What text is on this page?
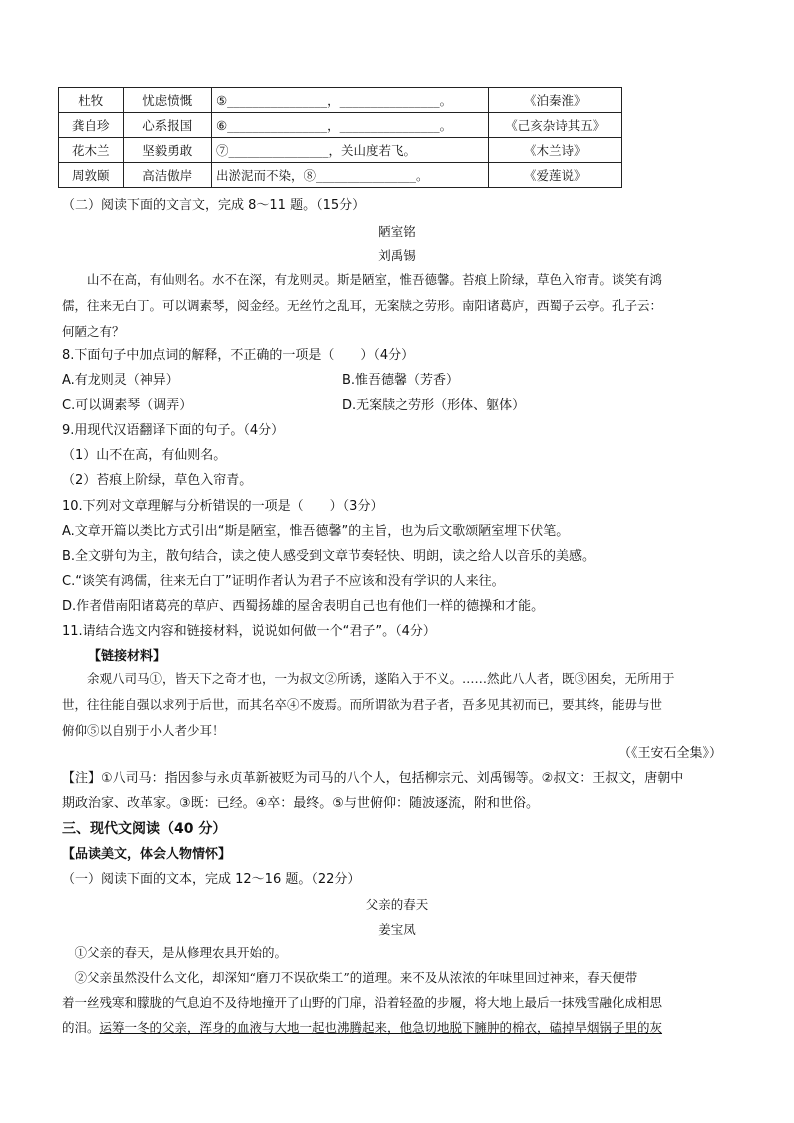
杜牧	忧虑愤慨	⑤________________，________________。	《泊秦淮》
龚自珍	心系报国	⑥________________，________________。	《己亥杂诗其五》
花木兰	坚毅勇敢	⑦________________，关山度若飞。	《木兰诗》
周敦颐	高洁傲岸	出淤泥而不染，⑧________________。	《爱莲说》
（二）阅读下面的文言文，完成 8～11 题。（15分）
陋室铭
刘禹锡
山不在高，有仙则名。水不在深，有龙则灵。斯是陋室，惟吾德馨。苔痕上阶绿，草色入帘青。谈笑有鸿
儒，往来无白丁。可以调素琴，阅金经。无丝竹之乱耳，无案牍之劳形。南阳诸葛庐，西蜀子云亭。孔子云：
何陋之有？
8.下面句子中加点词的解释，不正确的一项是（　　）（4分）
A.有龙则灵（神异）	B.惟吾德馨（芳香）
C.可以调素琴（调弄）	D.无案牍之劳形（形体、躯体）
9.用现代汉语翻译下面的句子。（4分）
（1）山不在高，有仙则名。
（2）苔痕上阶绿，草色入帘青。
10.下列对文章理解与分析错误的一项是（　　）（3分）
A.文章开篇以类比方式引出“斯是陋室，惟吾德馨”的主旨，也为后文歌颂陋室埋下伏笔。
B.全文骈句为主，散句结合，读之使人感受到文章节奏轻快、明朗，读之给人以音乐的美感。
C.“谈笑有鸿儒，往来无白丁”证明作者认为君子不应该和没有学识的人来往。
D.作者借南阳诸葛亮的草庐、西蜀扬雄的屋舍表明自己也有他们一样的德操和才能。
11.请结合选文内容和链接材料，说说如何做一个“君子”。（4分）
【链接材料】
余观八司马①，皆天下之奇才也，一为叔文②所诱，遂陷入于不义。……然此八人者，既③困矣，无所用于
世，往往能自强以求列于后世，而其名卒④不废焉。而所谓欲为君子者，吾多见其初而已，要其终，能毋与世
俯仰⑤以自别于小人者少耳！
（《王安石全集》）
【注】①八司马：指因参与永贞革新被贬为司马的八个人，包括柳宗元、刘禹锡等。②叔文：王叔文，唐朝中
期政治家、改革家。③既：已经。④卒：最终。⑤与世俯仰：随波逐流，附和世俗。
三、现代文阅读（40 分）
【品读美文，体会人物情怀】
（一）阅读下面的文本，完成 12～16 题。（22分）
父亲的春天
姜宝凤
①父亲的春天，是从修理农具开始的。
②父亲虽然没什么文化，却深知“磨刀不误砍柴工”的道理。来不及从浓浓的年味里回过神来，春天便带
着一丝残寒和朦胧的气息迫不及待地撞开了山野的门扉，沿着轻盈的步履，将大地上最后一抹残雪融化成相思
的泪。运筹一冬的父亲，浑身的血液与大地一起也沸腾起来，他急切地脱下臃肿的棉衣，磕掉旱烟锅子里的灰
